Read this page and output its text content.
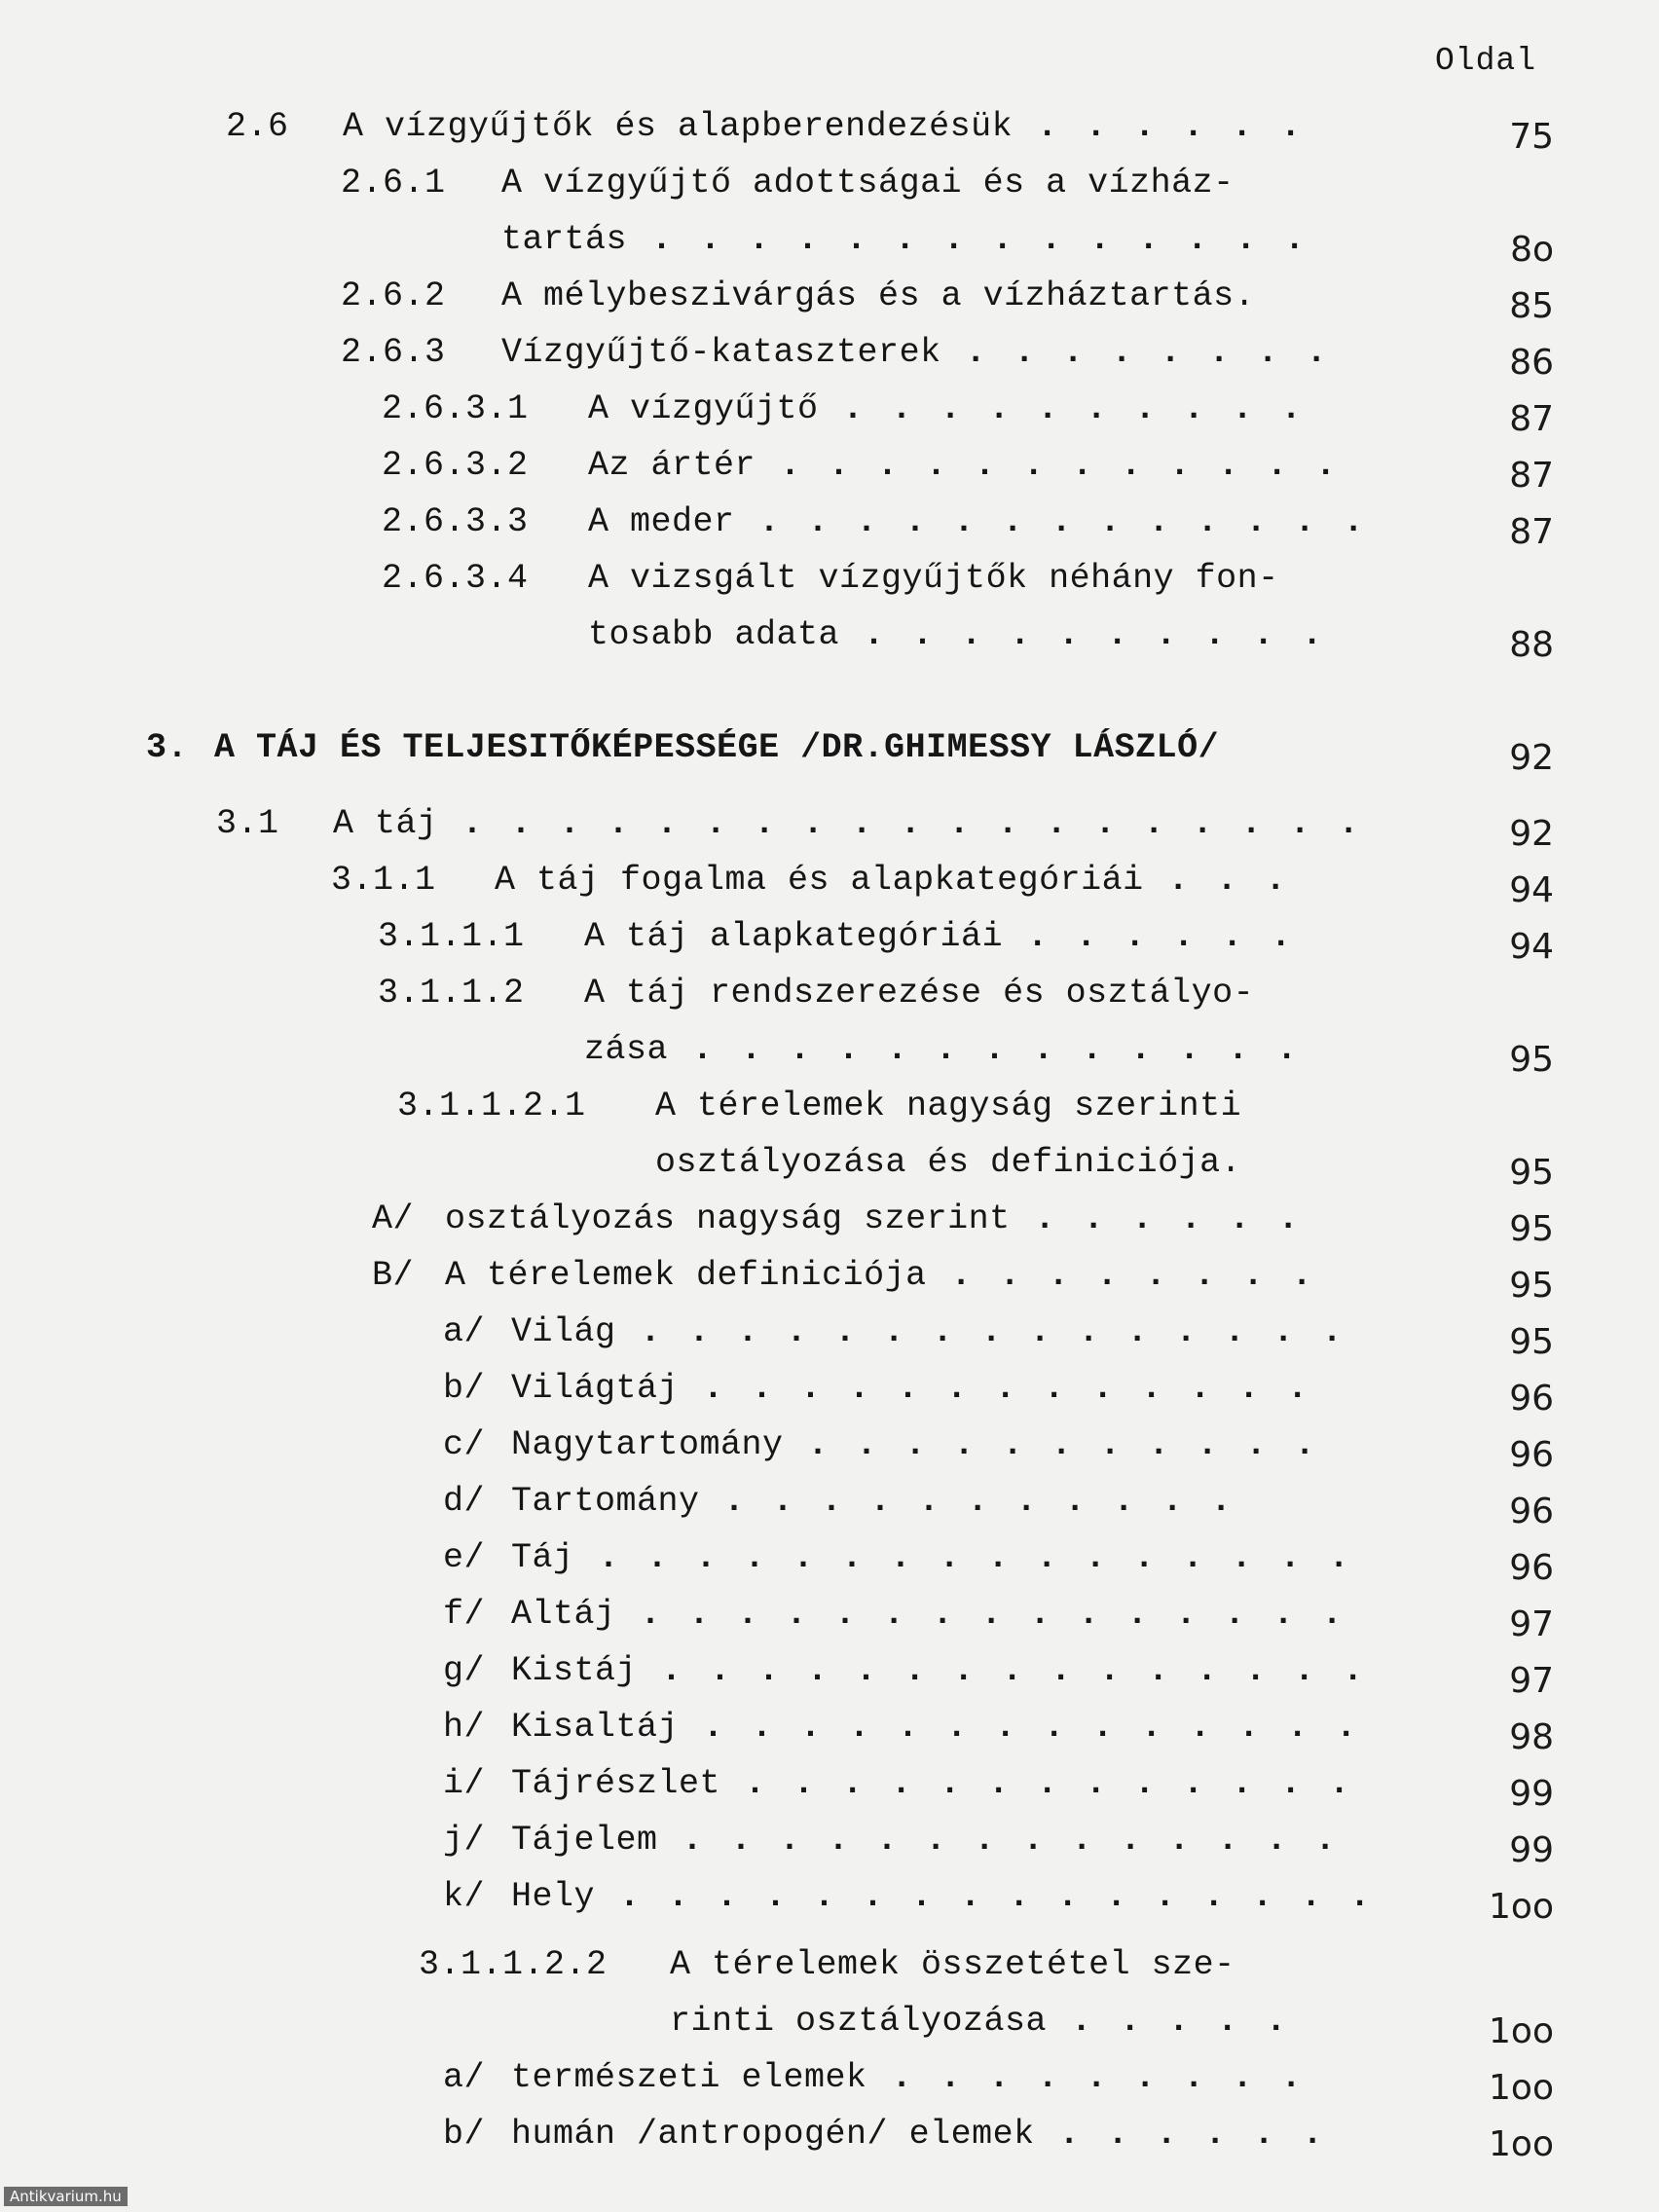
Oldal
2.6 A vízgyűjtők és alapberendezésük . . . . . .	75
2.6.1 A vízgyűjtő adottságai és a vízház-
tartás . . . . . . . . . . . . . .	8o
2.6.2 A mélybeszivárgás és a vízháztartás.	85
2.6.3 Vízgyűjtő-kataszterek . . . . . . . .	86
2.6.3.1 A vízgyűjtő . . . . . . . . . .	87
2.6.3.2 Az ártér . . . . . . . . . . . .	87
2.6.3.3 A meder . . . . . . . . . . . . .	87
2.6.3.4 A vizsgált vízgyűjtők néhány fon-
tosabb adata . . . . . . . . . .	88
3. A TÁJ ÉS TELJESITŐKÉPESSÉGE /DR.GHIMESSY LÁSZLÓ/	92
3.1 A táj . . . . . . . . . . . . . . . . . . .	92
3.1.1 A táj fogalma és alapkategóriái . . .	94
3.1.1.1 A táj alapkategóriái . . . . . .	94
3.1.1.2 A táj rendszerezése és osztályo-
zása . . . . . . . . . . . . .	95
3.1.1.2.1 A térelemek nagyság szerinti
osztályozása és definiciója.	95
A/ osztályozás nagyság szerint . . . . . .	95
B/ A térelemek definiciója . . . . . . . .	95
a/ Világ . . . . . . . . . . . . . . .	95
b/ Világtáj . . . . . . . . . . . . .	96
c/ Nagytartomány . . . . . . . . . . .	96
d/ Tartomány . . . . . . . . . . .	96
e/ Táj . . . . . . . . . . . . . . . .	96
f/ Altáj . . . . . . . . . . . . . . .	97
g/ Kistáj . . . . . . . . . . . . . . .	97
h/ Kisaltáj . . . . . . . . . . . . . .	98
i/ Tájrészlet . . . . . . . . . . . . .	99
j/ Tájelem . . . . . . . . . . . . . .	99
k/ Hely . . . . . . . . . . . . . . . .	1oo
3.1.1.2.2 A térelemek összetétel sze-
rinti osztályozása . . . . .	1oo
a/ természeti elemek . . . . . . . . .	1oo
b/ humán /antropogén/ elemek . . . . . .	1oo
Antikvarium.hu
